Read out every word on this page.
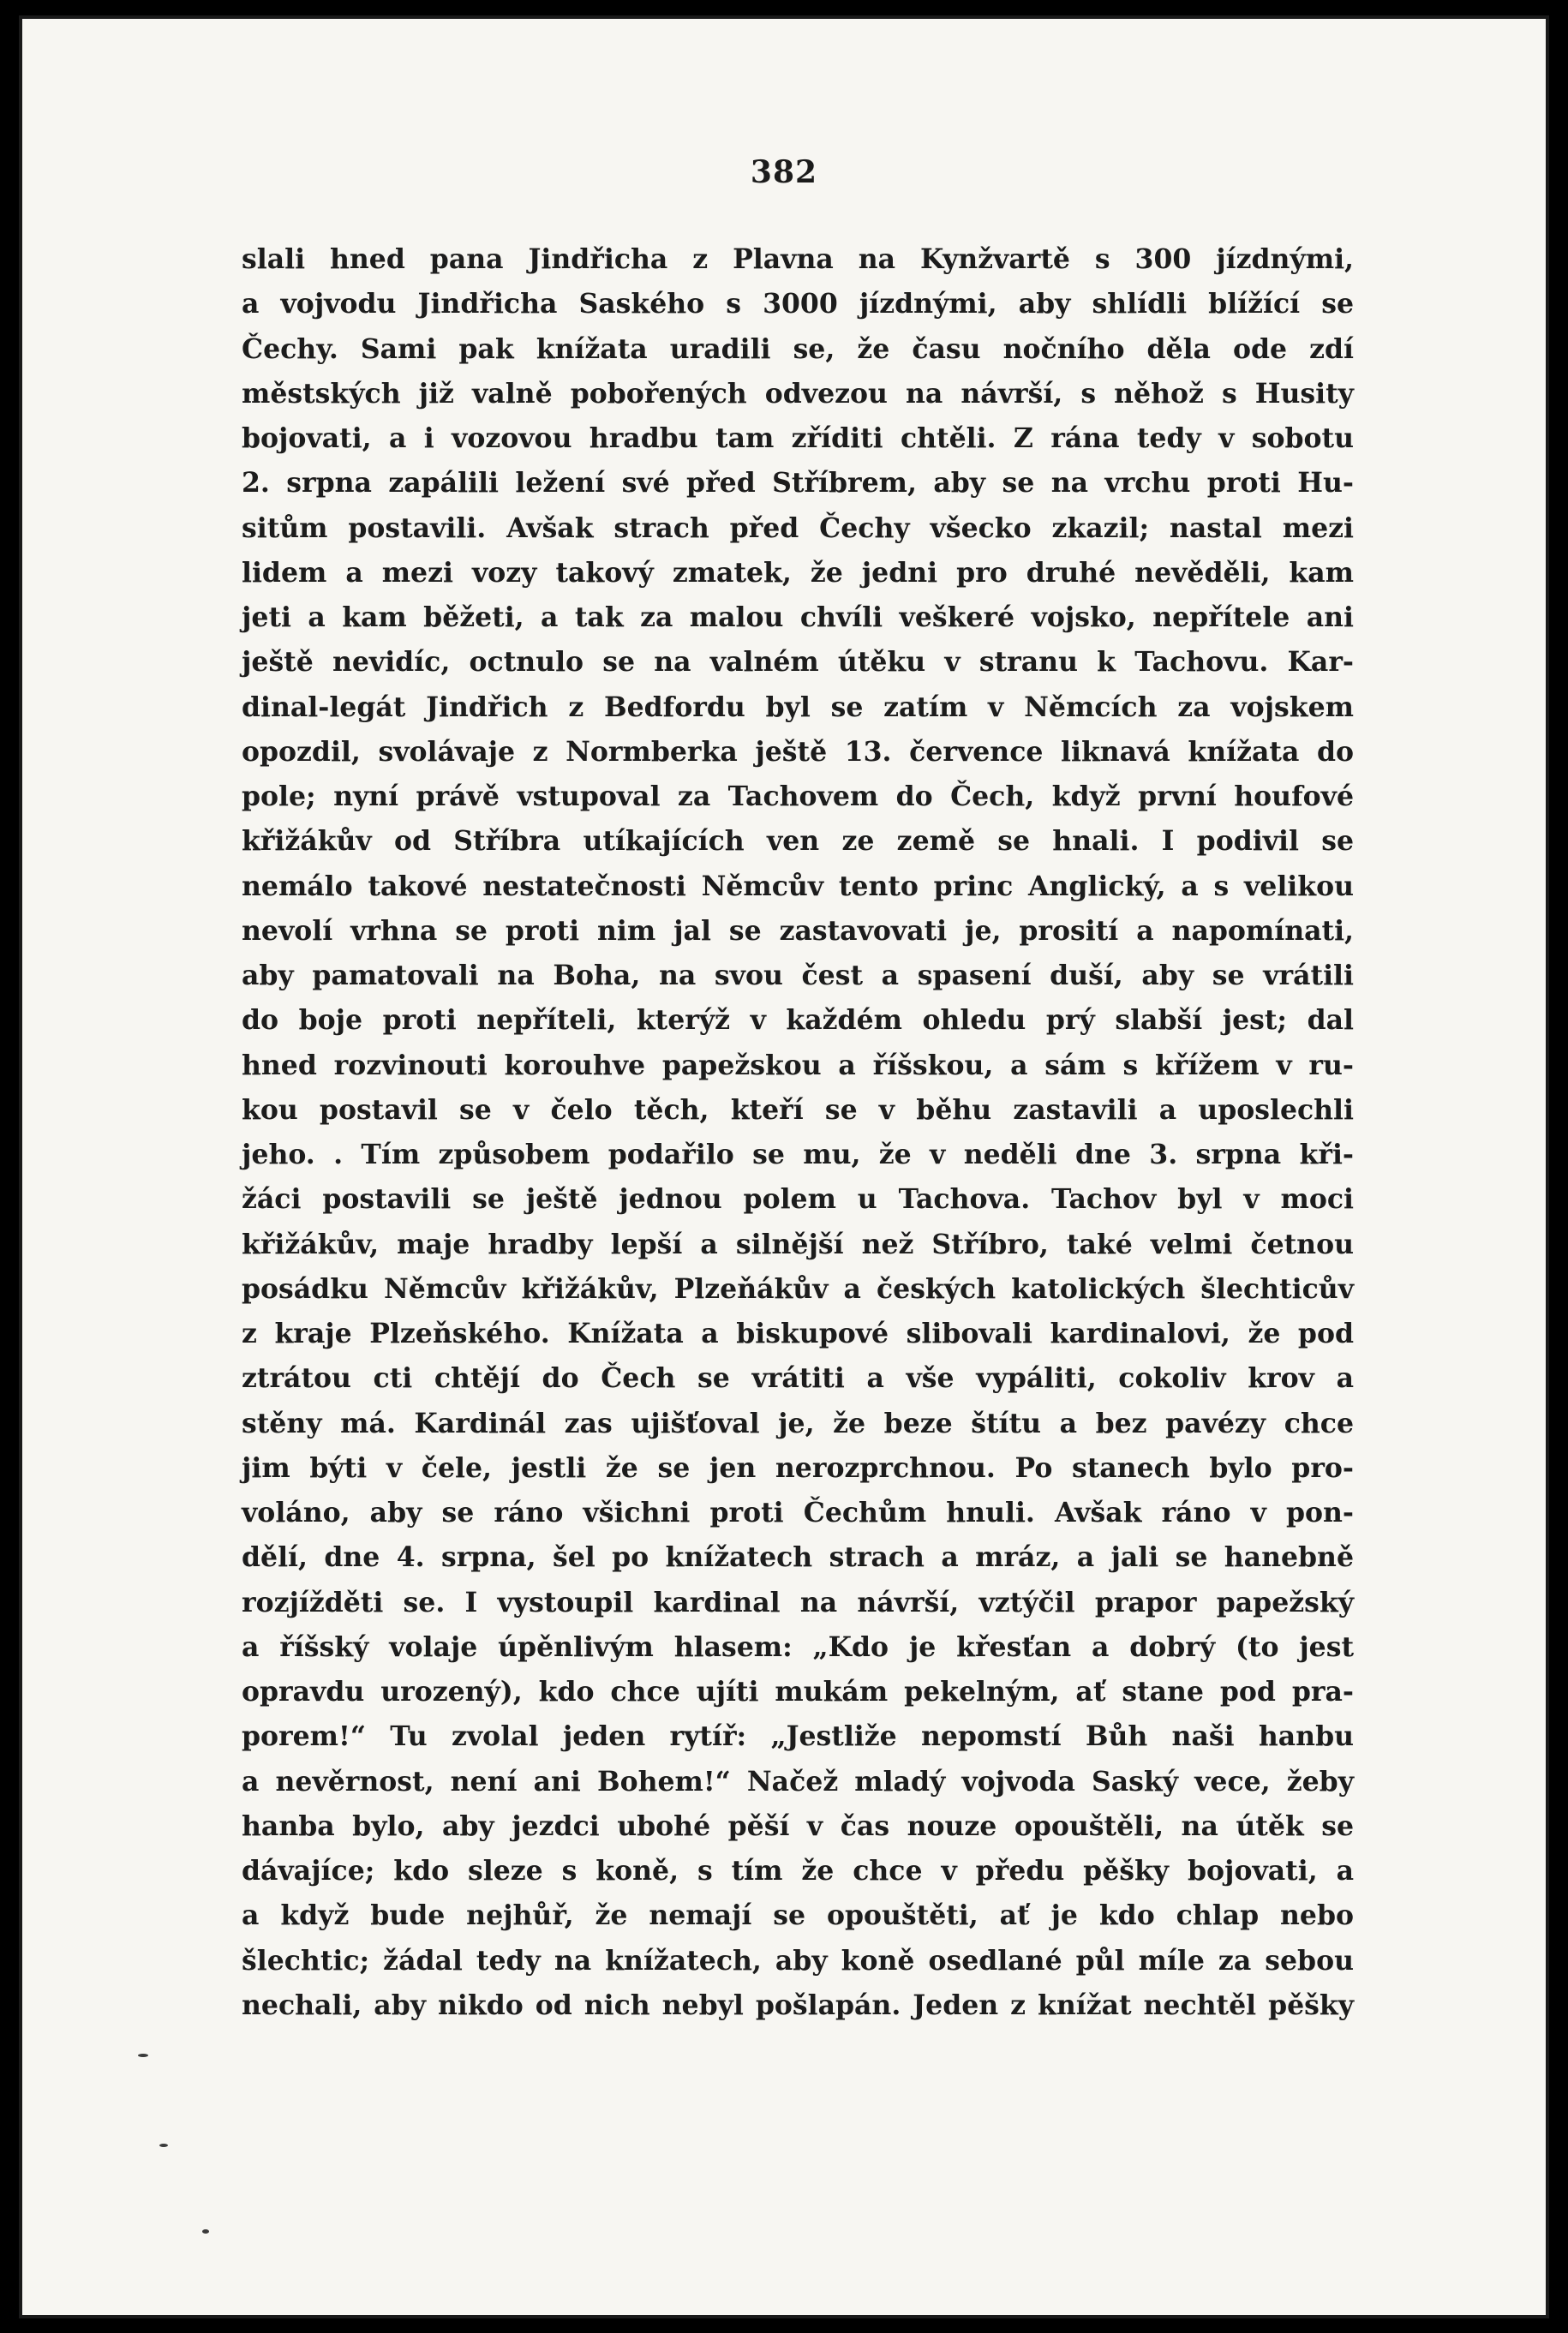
382
slali hned pana Jindřicha z Plavna na Kynžvartě s 300 jízdnými,
a vojvodu Jindřicha Saského s 3000 jízdnými, aby shlídli blížící se
Čechy. Sami pak knížata uradili se, že času nočního děla ode zdí
městských již valně pobořených odvezou na návrší, s něhož s Husity
bojovati, a i vozovou hradbu tam zříditi chtěli. Z rána tedy v sobotu
2. srpna zapálili ležení své před Stříbrem, aby se na vrchu proti Hu-
sitům postavili. Avšak strach před Čechy všecko zkazil; nastal mezi
lidem a mezi vozy takový zmatek, že jedni pro druhé nevěděli, kam
jeti a kam běžeti, a tak za malou chvíli veškeré vojsko, nepřítele ani
ještě nevidíc, octnulo se na valném útěku v stranu k Tachovu. Kar-
dinal-legát Jindřich z Bedfordu byl se zatím v Němcích za vojskem
opozdil, svolávaje z Normberka ještě 13. července liknavá knížata do
pole; nyní právě vstupoval za Tachovem do Čech, když první houfové
křižákův od Stříbra utíkajících ven ze země se hnali. I podivil se
nemálo takové nestatečnosti Němcův tento princ Anglický, a s velikou
nevolí vrhna se proti nim jal se zastavovati je, prosití a napomínati,
aby pamatovali na Boha, na svou čest a spasení duší, aby se vrátili
do boje proti nepříteli, kterýž v každém ohledu prý slabší jest; dal
hned rozvinouti korouhve papežskou a říšskou, a sám s křížem v ru-
kou postavil se v čelo těch, kteří se v běhu zastavili a uposlechli
jeho. . Tím způsobem podařilo se mu, že v neděli dne 3. srpna kři-
žáci postavili se ještě jednou polem u Tachova. Tachov byl v moci
křižákův, maje hradby lepší a silnější než Stříbro, také velmi četnou
posádku Němcův křižákův, Plzeňákův a českých katolických šlechticův
z kraje Plzeňského. Knížata a biskupové slibovali kardinalovi, že pod
ztrátou cti chtějí do Čech se vrátiti a vše vypáliti, cokoliv krov a
stěny má. Kardinál zas ujišťoval je, že beze štítu a bez pavézy chce
jim býti v čele, jestli že se jen nerozprchnou. Po stanech bylo pro-
voláno, aby se ráno všichni proti Čechům hnuli. Avšak ráno v pon-
dělí, dne 4. srpna, šel po knížatech strach a mráz, a jali se hanebně
rozjížděti se. I vystoupil kardinal na návrší, vztýčil prapor papežský
a říšský volaje úpěnlivým hlasem: „Kdo je křesťan a dobrý (to jest
opravdu urozený), kdo chce ujíti mukám pekelným, ať stane pod pra-
porem!“ Tu zvolal jeden rytíř: „Jestliže nepomstí Bůh naši hanbu
a nevěrnost, není ani Bohem!“ Načež mladý vojvoda Saský vece, žeby
hanba bylo, aby jezdci ubohé pěší v čas nouze opouštěli, na útěk se
dávajíce; kdo sleze s koně, s tím že chce v předu pěšky bojovati, a
a když bude nejhůř, že nemají se opouštěti, ať je kdo chlap nebo
šlechtic; žádal tedy na knížatech, aby koně osedlané půl míle za sebou
nechali, aby nikdo od nich nebyl pošlapán. Jeden z knížat nechtěl pěšky
